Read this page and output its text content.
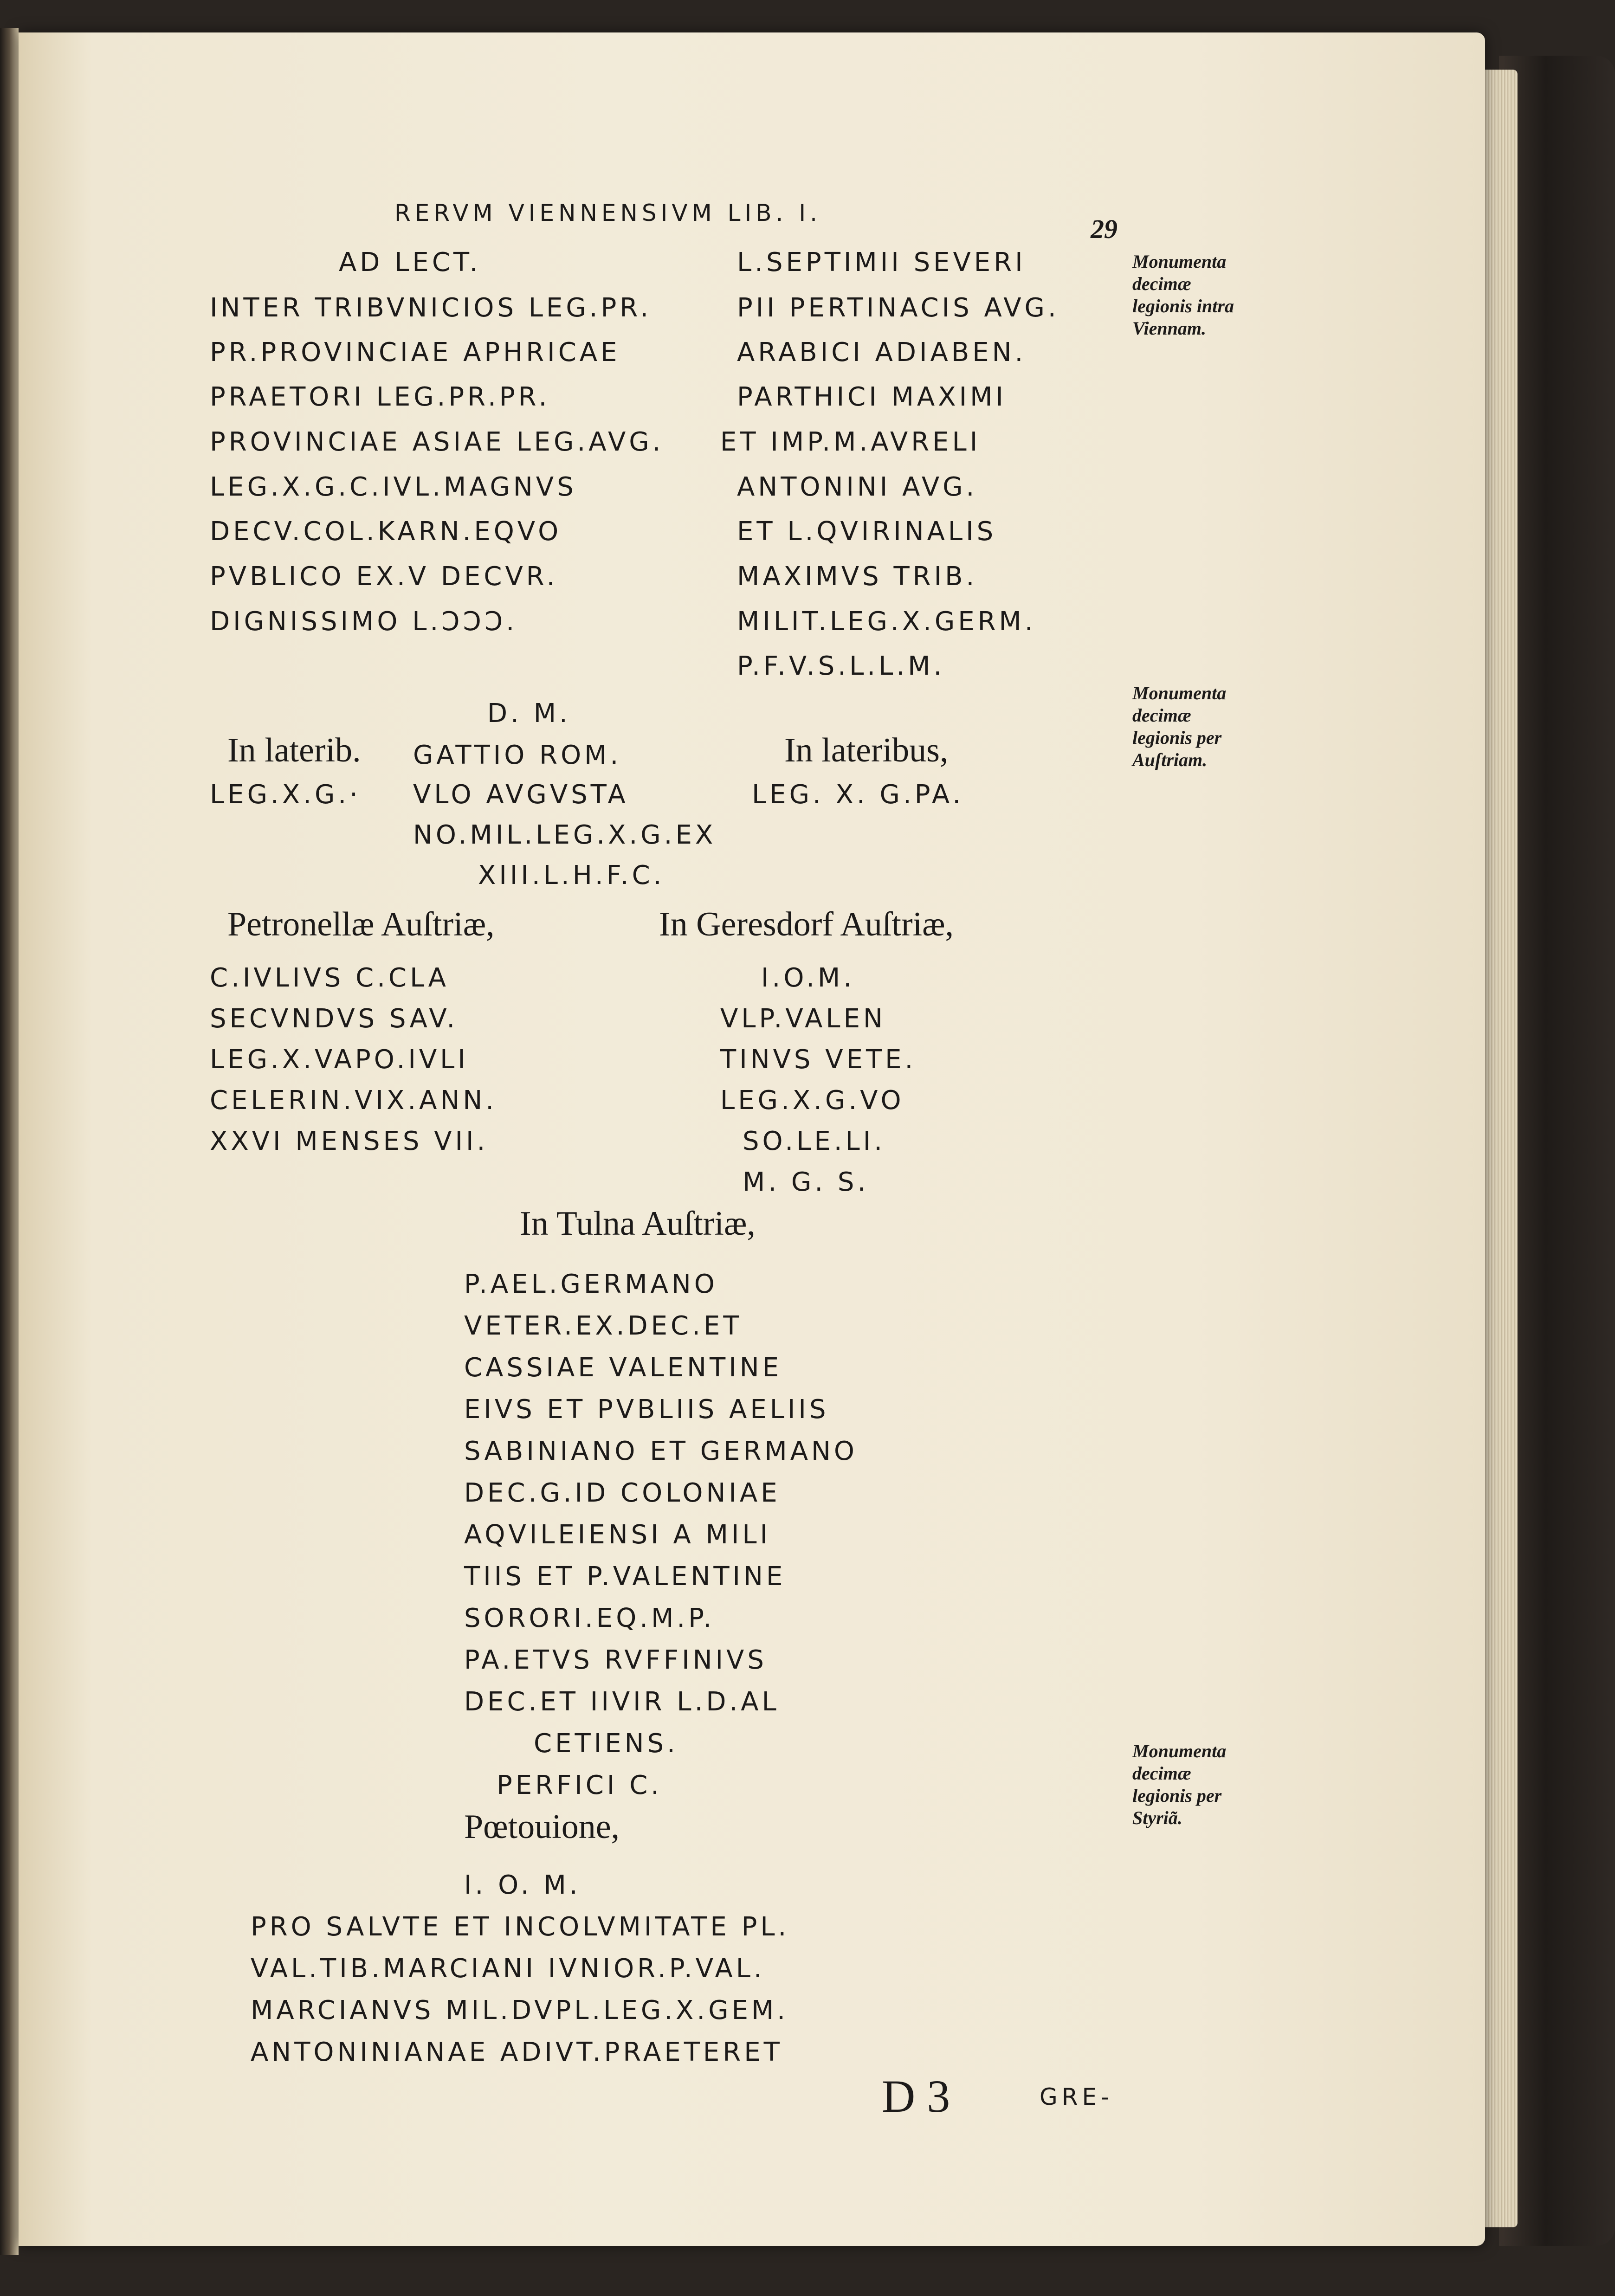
RERVM VIENNENSIVM LIB. I.
29
AD LECT.
INTER TRIBVNICIOS LEG.PR.
PR.PROVINCIAE APHRICAE
PRAETORI LEG.PR.PR.
PROVINCIAE ASIAE LEG.AVG.
LEG.X.G.C.IVL.MAGNVS
DECV.COL.KARN.EQVO
PVBLICO EX.V DECVR.
DIGNISSIMO L.ƆƆƆ.
L.SEPTIMII SEVERI
PII PERTINACIS AVG.
ARABICI ADIABEN.
PARTHICI MAXIMI
ET IMP.M.AVRELI
ANTONINI AVG.
ET L.QVIRINALIS
MAXIMVS TRIB.
MILIT.LEG.X.GERM.
P.F.V.S.L.L.M.
D. M.
In laterib. GATTIO ROM.	In lateribus,
LEG.X.G.· VLO AVGVSTA	LEG. X. G.PA.
NO.MIL.LEG.X.G.EX
XIII.L.H.F.C.
Petronellæ Auſtriæ,
C.IVLIVS C.CLA
SECVNDVS SAV.
LEG.X.VAPO.IVLI
CELERIN.VIX.ANN.
XXVI MENSES VII.
In Geresdorf Auſtriæ,
I.O.M.
VLP.VALEN
TINVS VETE.
LEG.X.G.VO
SO.LE.LI.
M. G. S.
In Tulna Auſtriæ,
P.AEL.GERMANO
VETER.EX.DEC.ET
CASSIAE VALENTINE
EIVS ET PVBLIIS AELIIS
SABINIANO ET GERMANO
DEC.G.ID COLONIAE
AQVILEIENSI A MILI
TIIS ET P.VALENTINE
SORORI.EQ.M.P.
PA.ETVS RVFFINIVS
DEC.ET IIVIR L.D.AL
CETIENS.
PERFICI C.
Pœtouione,
I. O. M.
PRO SALVTE ET INCOLVMITATE PL.
VAL.TIB.MARCIANI IVNIOR.P.VAL.
MARCIANVS MIL.DVPL.LEG.X.GEM.
ANTONINIANAE ADIVT.PRAETERET
D 3	GRE-
Monumenta decimæ legionis intra Viennam.
Monumenta decimæ legionis per Auſtriam.
Monumenta decimæ legionis per Styriã.
